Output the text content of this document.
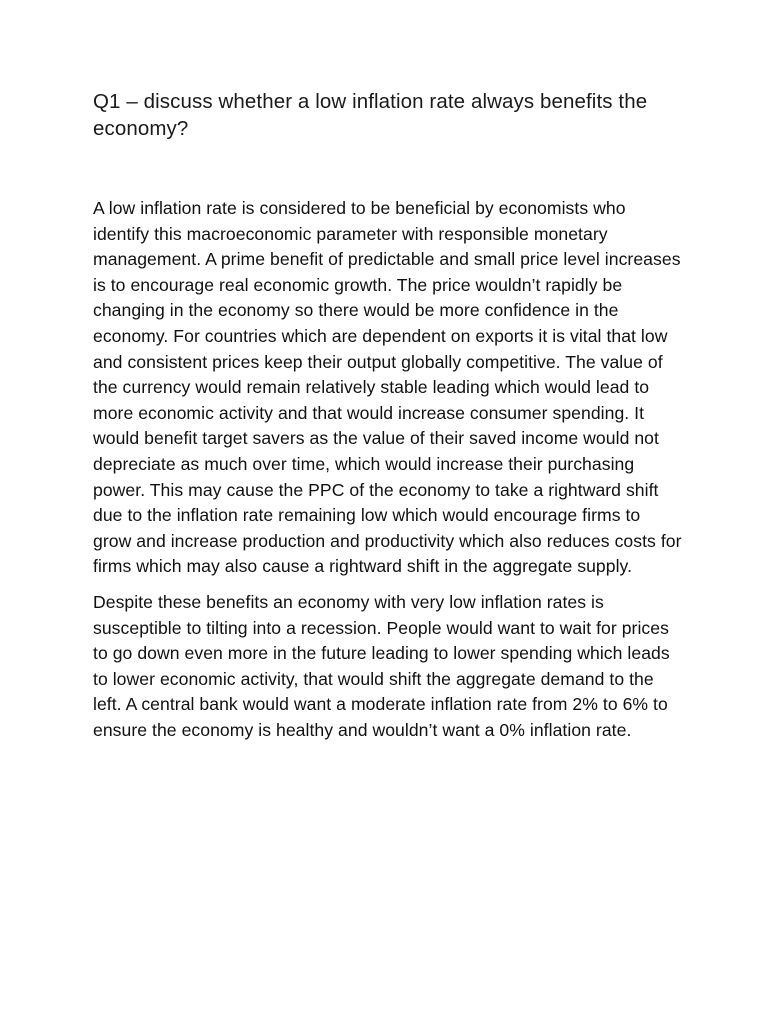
Q1 – discuss whether a low inflation rate always benefits the economy?

A low inflation rate is considered to be beneficial by economists who identify this macroeconomic parameter with responsible monetary management. A prime benefit of predictable and small price level increases is to encourage real economic growth. The price wouldn’t rapidly be changing in the economy so there would be more confidence in the economy. For countries which are dependent on exports it is vital that low and consistent prices keep their output globally competitive. The value of the currency would remain relatively stable leading which would lead to more economic activity and that would increase consumer spending. It would benefit target savers as the value of their saved income would not depreciate as much over time, which would increase their purchasing power. This may cause the PPC of the economy to take a rightward shift due to the inflation rate remaining low which would encourage firms to grow and increase production and productivity which also reduces costs for firms which may also cause a rightward shift in the aggregate supply.

Despite these benefits an economy with very low inflation rates is susceptible to tilting into a recession. People would want to wait for prices to go down even more in the future leading to lower spending which leads to lower economic activity, that would shift the aggregate demand to the left. A central bank would want a moderate inflation rate from 2% to 6% to ensure the economy is healthy and wouldn’t want a 0% inflation rate.
